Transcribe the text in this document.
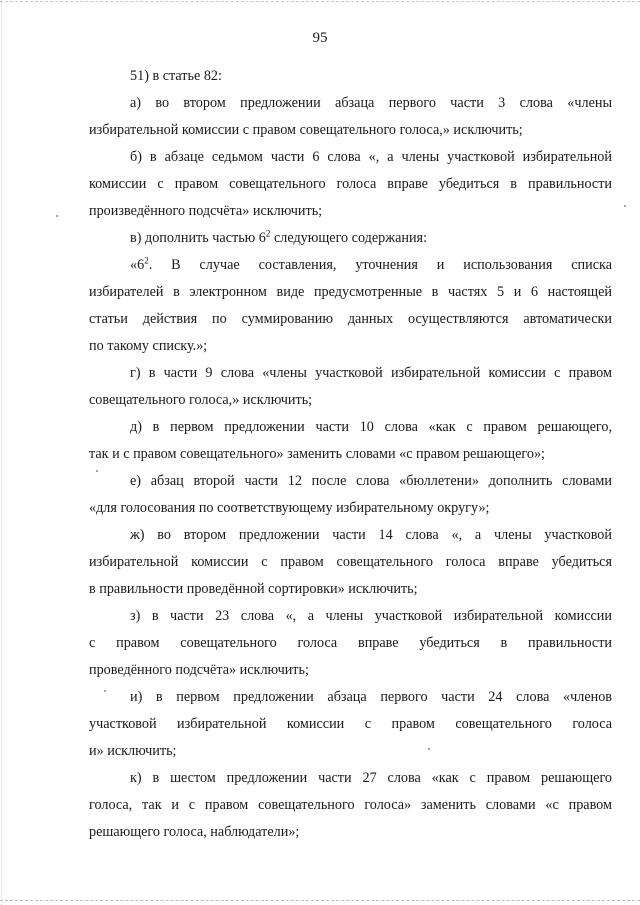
95
51) в статье 82:
а) во втором предложении абзаца первого части 3 слова «члены
избирательной комиссии с правом совещательного голоса,» исключить;
б) в абзаце седьмом части 6 слова «, а члены участковой избирательной
комиссии с правом совещательного голоса вправе убедиться в правильности
произведённого подсчёта» исключить;
в) дополнить частью $6^2$ следующего содержания:
«$6^2$. В случае составления, уточнения и использования списка
избирателей в электронном виде предусмотренные в частях 5 и 6 настоящей
статьи действия по суммированию данных осуществляются автоматически
по такому списку.»;
г) в части 9 слова «члены участковой избирательной комиссии с правом
совещательного голоса,» исключить;
д) в первом предложении части 10 слова «как с правом решающего,
так и с правом совещательного» заменить словами «с правом решающего»;
е) абзац второй части 12 после слова «бюллетени» дополнить словами
«для голосования по соответствующему избирательному округу»;
ж) во втором предложении части 14 слова «, а члены участковой
избирательной комиссии с правом совещательного голоса вправе убедиться
в правильности проведённой сортировки» исключить;
з) в части 23 слова «, а члены участковой избирательной комиссии
с правом совещательного голоса вправе убедиться в правильности
проведённого подсчёта» исключить;
и) в первом предложении абзаца первого части 24 слова «членов
участковой избирательной комиссии с правом совещательного голоса
и» исключить;
к) в шестом предложении части 27 слова «как с правом решающего
голоса, так и с правом совещательного голоса» заменить словами «с правом
решающего голоса, наблюдатели»;
